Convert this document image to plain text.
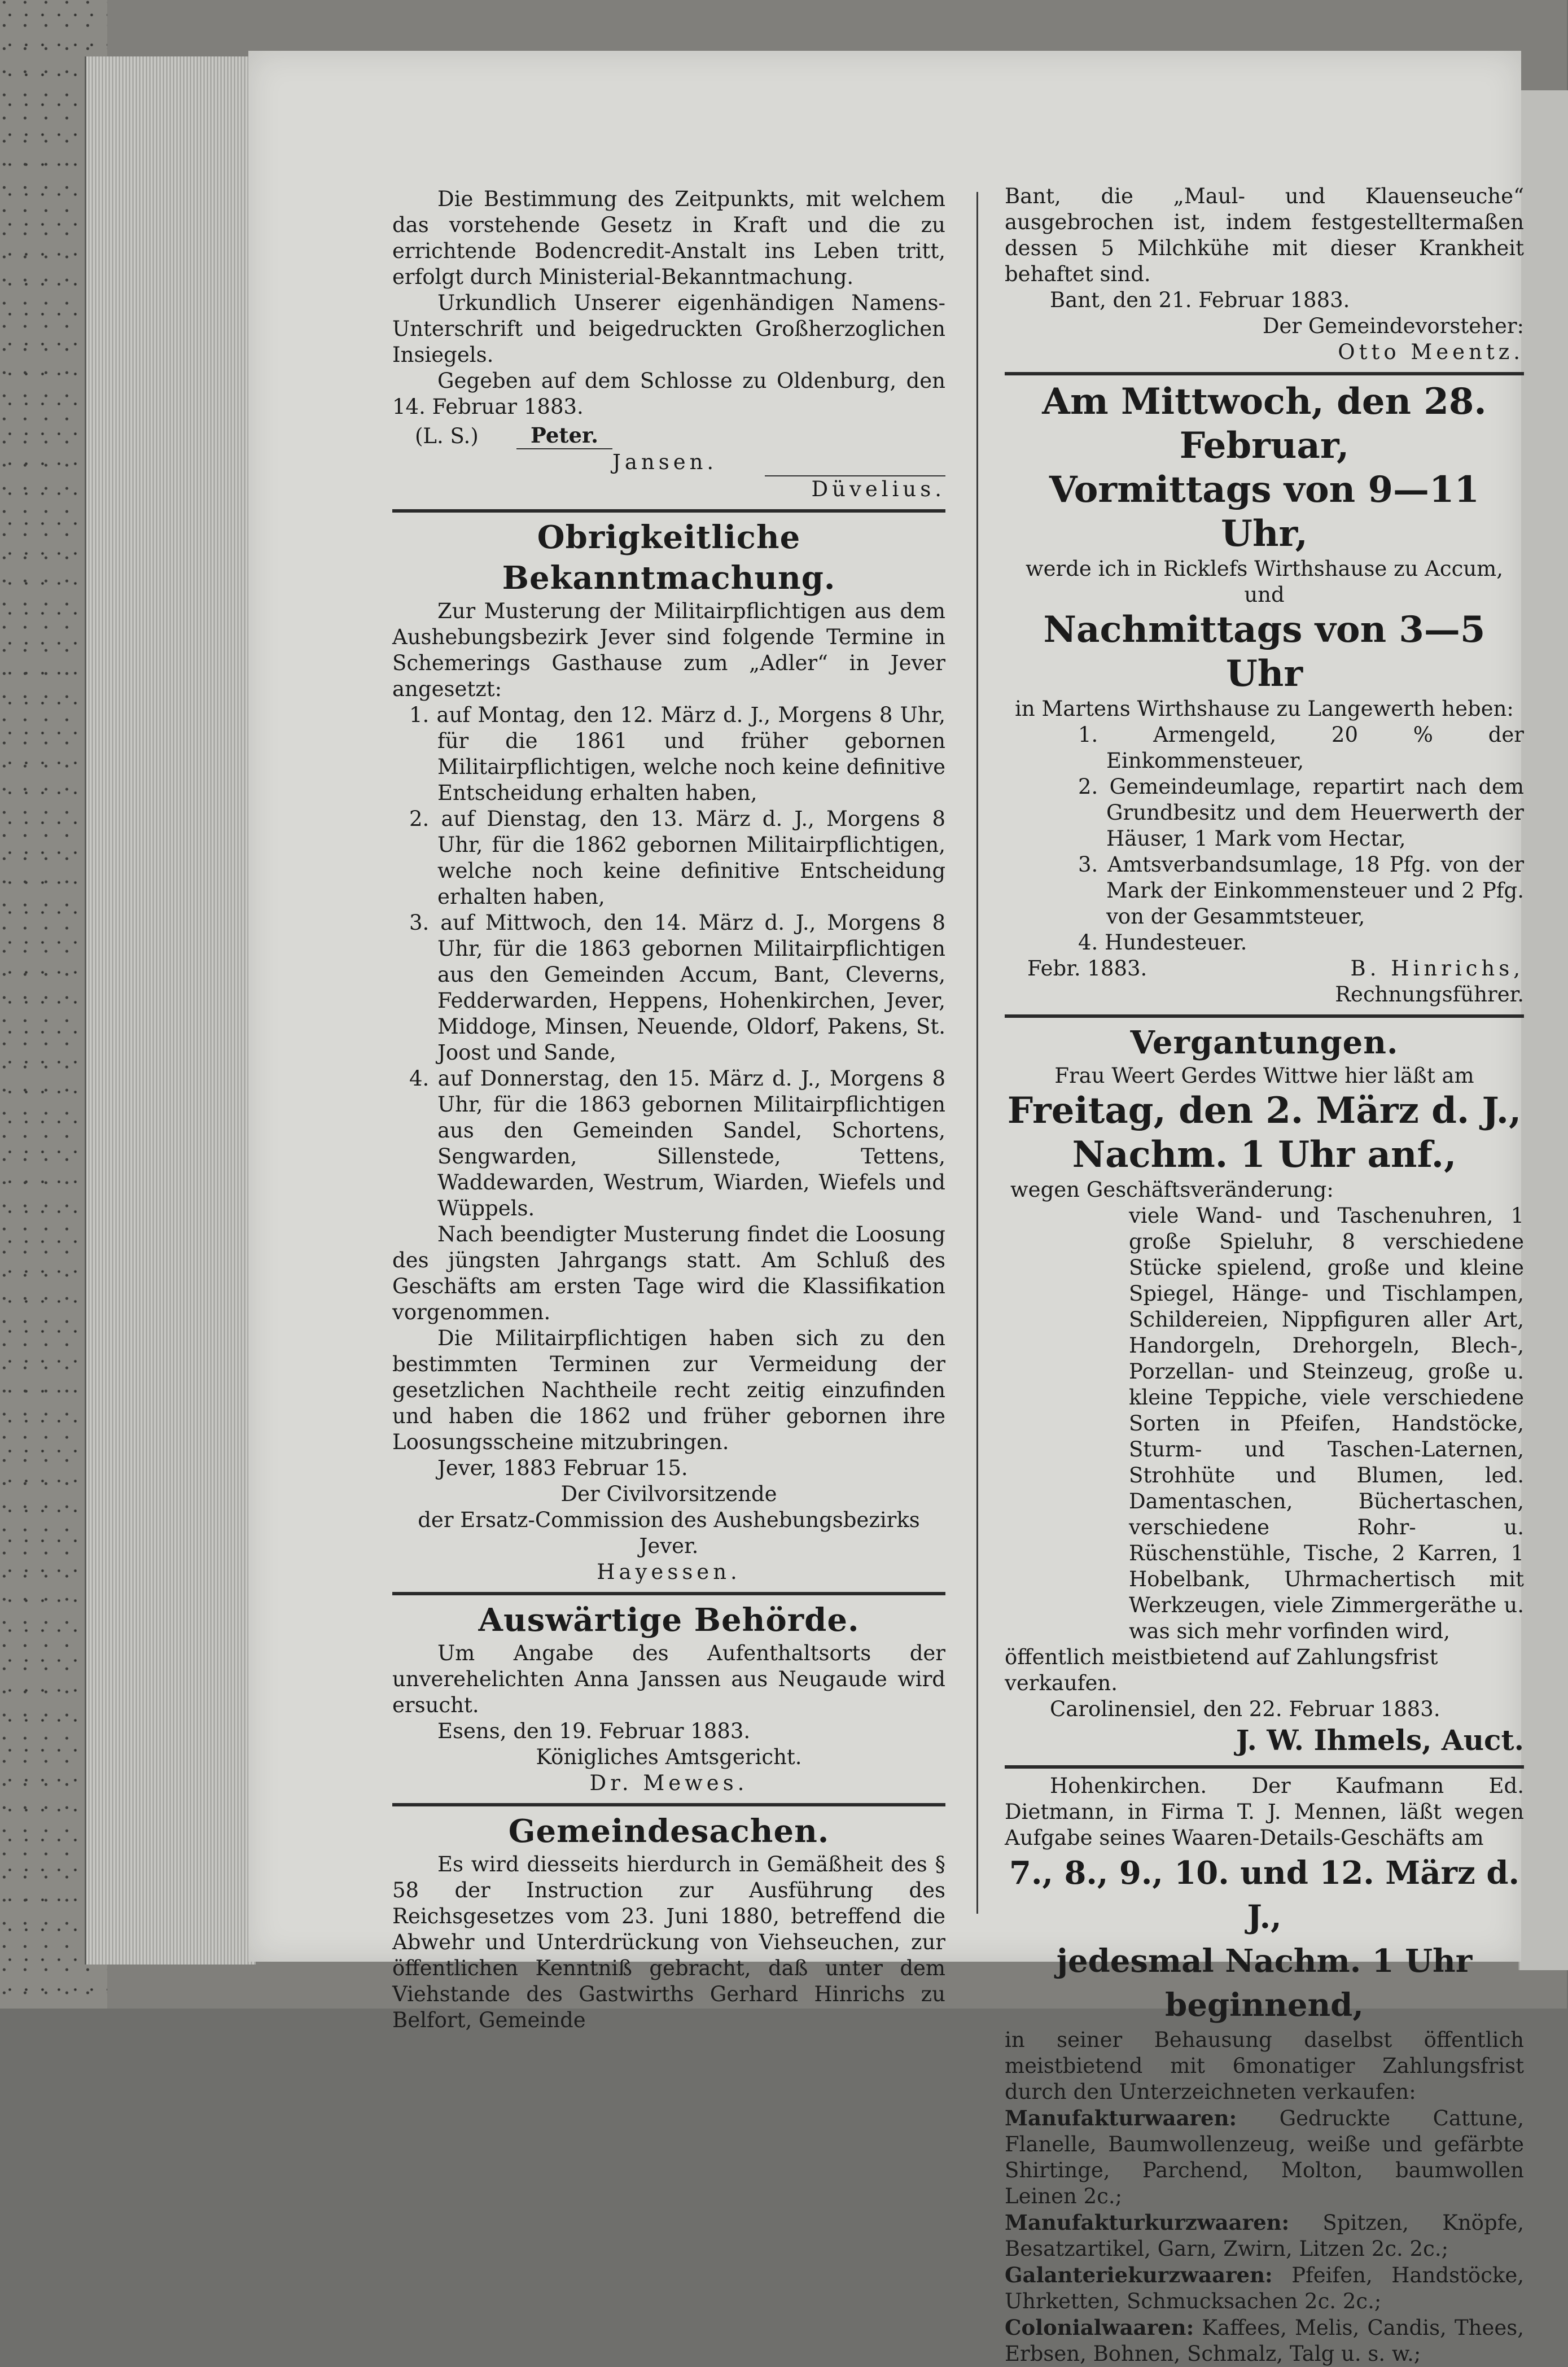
Die Bestimmung des Zeitpunkts, mit welchem das vorstehende Gesetz in Kraft und die zu errichtende Bodencredit-Anstalt ins Leben tritt, erfolgt durch Ministerial-Bekanntmachung.

Urkundlich Unserer eigenhändigen Namens-Unterschrift und beigedruckten Großherzoglichen Insiegels.

Gegeben auf dem Schlosse zu Oldenburg, den 14. Februar 1883.

(L. S.)	Peter.

Jansen.

Düvelius.

Obrigkeitliche Bekanntmachung.

Zur Musterung der Militairpflichtigen aus dem Aushebungsbezirk Jever sind folgende Termine in Schemerings Gasthause zum „Adler“ in Jever angesetzt:

1. auf Montag, den 12. März d. J., Morgens 8 Uhr, für die 1861 und früher gebornen Militairpflichtigen, welche noch keine definitive Entscheidung erhalten haben,

2. auf Dienstag, den 13. März d. J., Morgens 8 Uhr, für die 1862 gebornen Militairpflichtigen, welche noch keine definitive Entscheidung erhalten haben,

3. auf Mittwoch, den 14. März d. J., Morgens 8 Uhr, für die 1863 gebornen Militairpflichtigen aus den Gemeinden Accum, Bant, Cleverns, Fedderwarden, Heppens, Hohenkirchen, Jever, Middoge, Minsen, Neuende, Oldorf, Pakens, St. Joost und Sande,

4. auf Donnerstag, den 15. März d. J., Morgens 8 Uhr, für die 1863 gebornen Militairpflichtigen aus den Gemeinden Sandel, Schortens, Sengwarden, Sillenstede, Tettens, Waddewarden, Westrum, Wiarden, Wiefels und Wüppels.

Nach beendigter Musterung findet die Loosung des jüngsten Jahrgangs statt. Am Schluß des Geschäfts am ersten Tage wird die Klassifikation vorgenommen.

Die Militairpflichtigen haben sich zu den bestimmten Terminen zur Vermeidung der gesetzlichen Nachtheile recht zeitig einzufinden und haben die 1862 und früher gebornen ihre Loosungsscheine mitzubringen.

Jever, 1883 Februar 15.

Der Civilvorsitzende

der Ersatz-Commission des Aushebungsbezirks Jever.

Hayessen.

Auswärtige Behörde.

Um Angabe des Aufenthaltsorts der unverehelichten Anna Janssen aus Neugaude wird ersucht.

Esens, den 19. Februar 1883.

Königliches Amtsgericht.

Dr. Mewes.

Gemeindesachen.

Es wird diesseits hierdurch in Gemäßheit des § 58 der Instruction zur Ausführung des Reichsgesetzes vom 23. Juni 1880, betreffend die Abwehr und Unterdrückung von Viehseuchen, zur öffentlichen Kenntniß gebracht, daß unter dem Viehstande des Gastwirths Gerhard Hinrichs zu Belfort, Gemeinde

Bant, die „Maul- und Klauenseuche“ ausgebrochen ist, indem festgestelltermaßen dessen 5 Milchkühe mit dieser Krankheit behaftet sind.

Bant, den 21. Februar 1883.

Der Gemeindevorsteher:

Otto Meentz.

Am Mittwoch, den 28. Februar,

Vormittags von 9—11 Uhr,

werde ich in Ricklefs Wirthshause zu Accum, und

Nachmittags von 3—5 Uhr

in Martens Wirthshause zu Langewerth heben:

1. Armengeld, 20 % der Einkommensteuer,

2. Gemeindeumlage, repartirt nach dem Grundbesitz und dem Heuerwerth der Häuser, 1 Mark vom Hectar,

3. Amtsverbandsumlage, 18 Pfg. von der Mark der Einkommensteuer und 2 Pfg. von der Gesammtsteuer,

4. Hundesteuer.

Febr. 1883.	B. Hinrichs,

Rechnungsführer.

Vergantungen.

Frau Weert Gerdes Wittwe hier läßt am

Freitag, den 2. März d. J.,

Nachm. 1 Uhr anf.,

wegen Geschäftsveränderung:

viele Wand- und Taschenuhren, 1 große Spieluhr, 8 verschiedene Stücke spielend, große und kleine Spiegel, Hänge- und Tischlampen, Schildereien, Nippfiguren aller Art, Handorgeln, Drehorgeln, Blech-, Porzellan- und Steinzeug, große u. kleine Teppiche, viele verschiedene Sorten in Pfeifen, Handstöcke, Sturm- und Taschen-Laternen, Strohhüte und Blumen, led. Damentaschen, Büchertaschen, verschiedene Rohr- u. Rüschenstühle, Tische, 2 Karren, 1 Hobelbank, Uhrmachertisch mit Werkzeugen, viele Zimmergeräthe u. was sich mehr vorfinden wird,

öffentlich meistbietend auf Zahlungsfrist verkaufen.

Carolinensiel, den 22. Februar 1883.

J. W. Ihmels, Auct.

Hohenkirchen. Der Kaufmann Ed. Dietmann, in Firma T. J. Mennen, läßt wegen Aufgabe seines Waaren-Details-Geschäfts am

7., 8., 9., 10. und 12. März d. J.,

jedesmal Nachm. 1 Uhr beginnend,

in seiner Behausung daselbst öffentlich meistbietend mit 6monatiger Zahlungsfrist durch den Unterzeichneten verkaufen:

Manufakturwaaren: Gedruckte Cattune, Flanelle, Baumwollenzeug, weiße und gefärbte Shirtinge, Parchend, Molton, baumwollen Leinen 2c.;

Manufakturkurzwaaren: Spitzen, Knöpfe, Besatzartikel, Garn, Zwirn, Litzen 2c. 2c.;

Galanteriekurzwaaren: Pfeifen, Handstöcke, Uhrketten, Schmucksachen 2c. 2c.;

Colonialwaaren: Kaffees, Melis, Candis, Thees, Erbsen, Bohnen, Schmalz, Talg u. s. w.;
